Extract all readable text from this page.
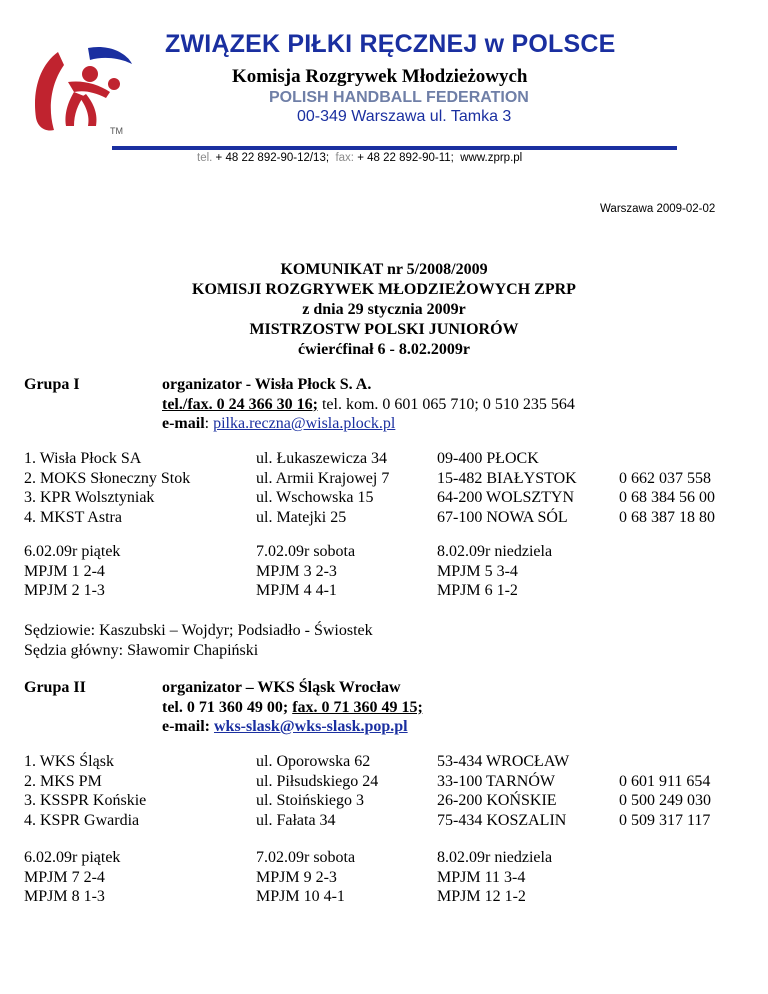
TM
ZWIĄZEK PIŁKI RĘCZNEJ w POLSCE
Komisja Rozgrywek Młodzieżowych
POLISH HANDBALL FEDERATION
00-349 Warszawa ul. Tamka 3
tel. + 48 22 892-90-12/13; fax: + 48 22 892-90-11; www.zprp.pl
Warszawa 2009-02-02
KOMUNIKAT nr 5/2008/2009
KOMISJI ROZGRYWEK MŁODZIEŻOWYCH ZPRP
z dnia 29 stycznia 2009r
MISTRZOSTW POLSKI JUNIORÓW
ćwierćfinał 6 - 8.02.2009r
Grupa I	organizator - Wisła Płock S. A.
tel./fax. 0 24 366 30 16; tel. kom. 0 601 065 710; 0 510 235 564
e-mail: pilka.reczna@wisla.plock.pl
1. Wisła Płock SA
2. MOKS Słoneczny Stok
3. KPR Wolsztyniak
4. MKST Astra
ul. Łukaszewicza 34
ul. Armii Krajowej 7
ul. Wschowska 15
ul. Matejki 25
09-400 PŁOCK
15-482 BIAŁYSTOK
64-200 WOLSZTYN
67-100 NOWA SÓL
0 662 037 558
0 68 384 56 00
0 68 387 18 80
6.02.09r piątek
MPJM 1 2-4
MPJM 2 1-3
7.02.09r sobota
MPJM 3 2-3
MPJM 4 4-1
8.02.09r niedziela
MPJM 5 3-4
MPJM 6 1-2
Sędziowie: Kaszubski – Wojdyr; Podsiadło - Świostek
Sędzia główny: Sławomir Chapiński
Grupa II	organizator – WKS Śląsk Wrocław
tel. 0 71 360 49 00; fax. 0 71 360 49 15;
e-mail: wks-slask@wks-slask.pop.pl
1. WKS Śląsk
2. MKS PM
3. KSSPR Końskie
4. KSPR Gwardia
ul. Oporowska 62
ul. Piłsudskiego 24
ul. Stoińskiego 3
ul. Fałata 34
53-434 WROCŁAW
33-100 TARNÓW
26-200 KOŃSKIE
75-434 KOSZALIN
0 601 911 654
0 500 249 030
0 509 317 117
6.02.09r piątek
MPJM 7 2-4
MPJM 8 1-3
7.02.09r sobota
MPJM 9 2-3
MPJM 10 4-1
8.02.09r niedziela
MPJM 11 3-4
MPJM 12 1-2
